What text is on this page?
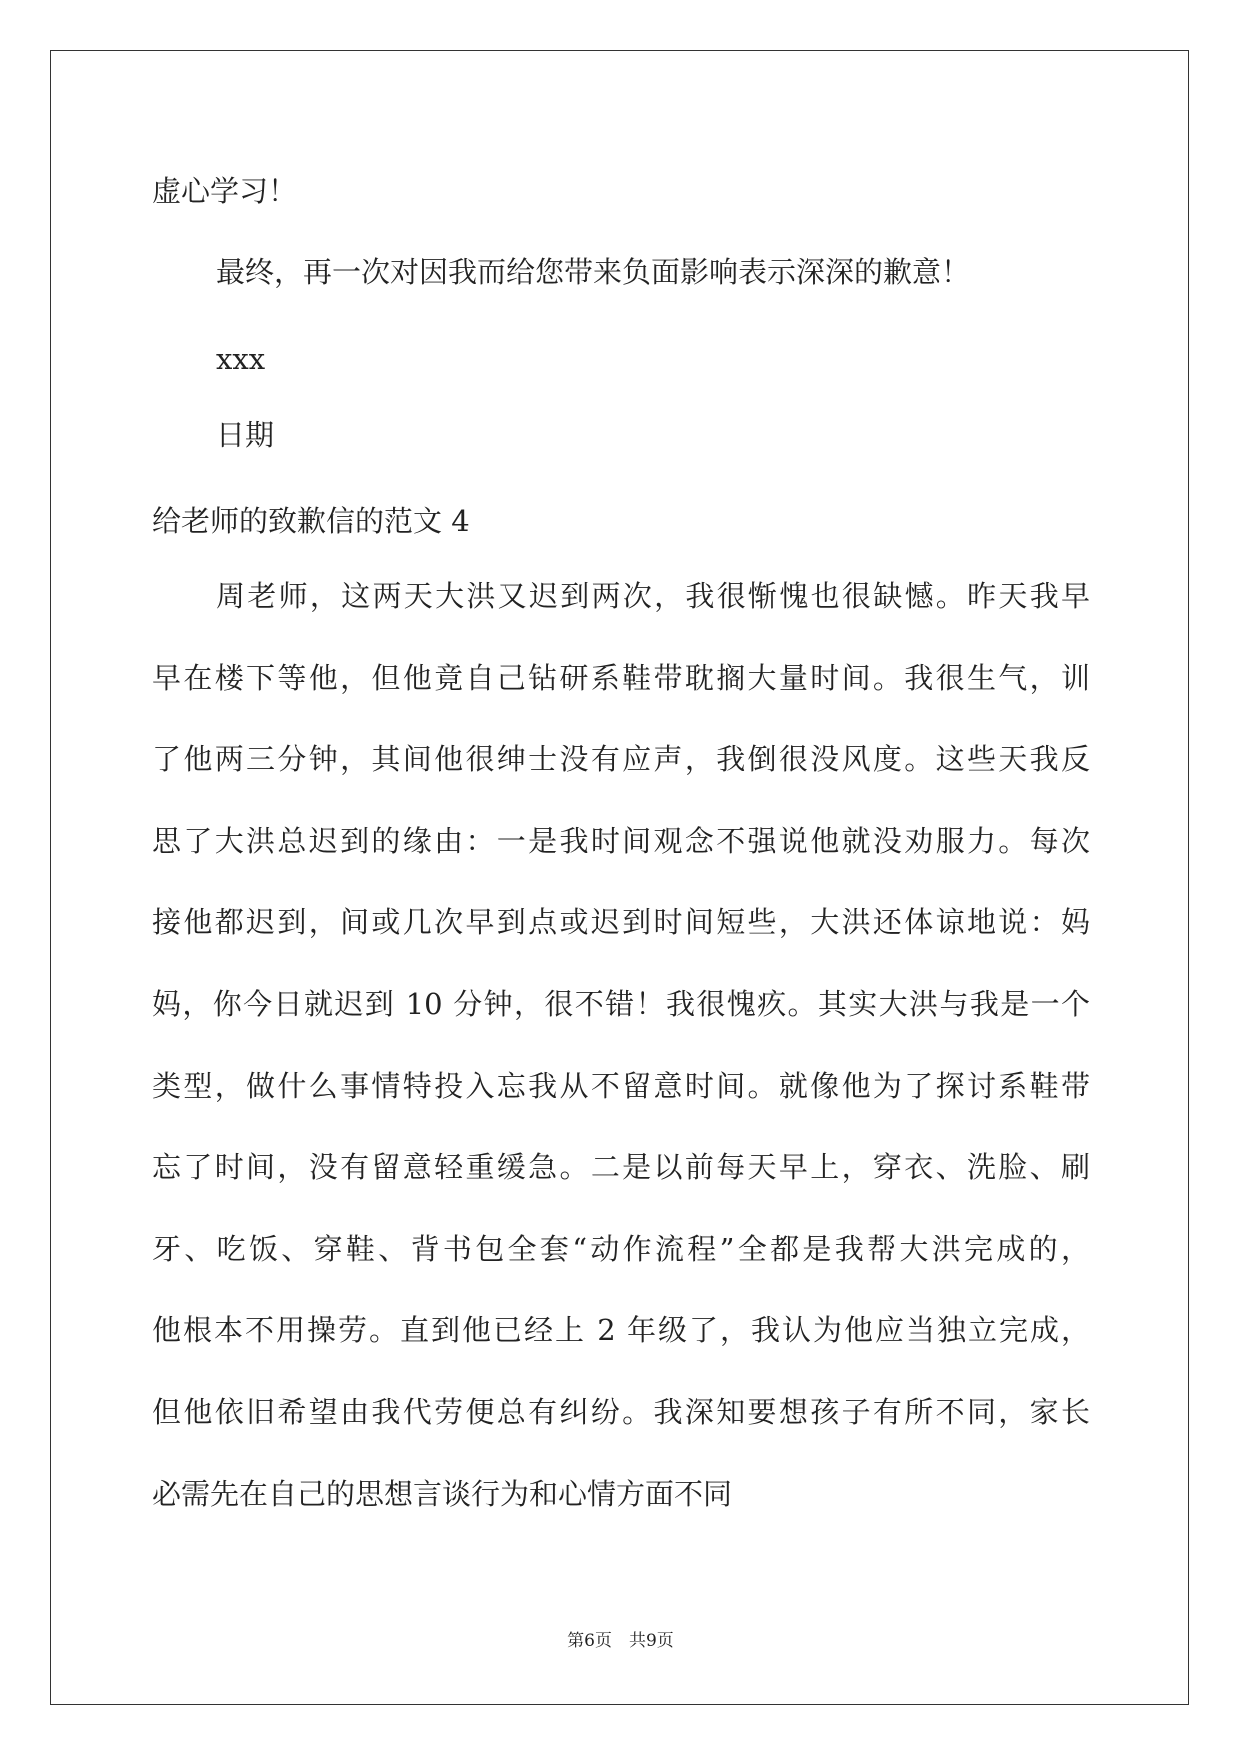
虚心学习！
最终，再一次对因我而给您带来负面影响表示深深的歉意！
xxx
日期
给老师的致歉信的范文 4
周老师，这两天大洪又迟到两次，我很惭愧也很缺憾。昨天我早
早在楼下等他，但他竟自己钻研系鞋带耽搁大量时间。我很生气，训
了他两三分钟，其间他很绅士没有应声，我倒很没风度。这些天我反
思了大洪总迟到的缘由：一是我时间观念不强说他就没劝服力。每次
接他都迟到，间或几次早到点或迟到时间短些，大洪还体谅地说：妈
妈，你今日就迟到 10 分钟，很不错！我很愧疚。其实大洪与我是一个
类型，做什么事情特投入忘我从不留意时间。就像他为了探讨系鞋带
忘了时间，没有留意轻重缓急。二是以前每天早上，穿衣、洗脸、刷
牙、吃饭、穿鞋、背书包全套“动作流程”全都是我帮大洪完成的，
他根本不用操劳。直到他已经上 2 年级了，我认为他应当独立完成，
但他依旧希望由我代劳便总有纠纷。我深知要想孩子有所不同，家长
必需先在自己的思想言谈行为和心情方面不同
第6页　共9页
